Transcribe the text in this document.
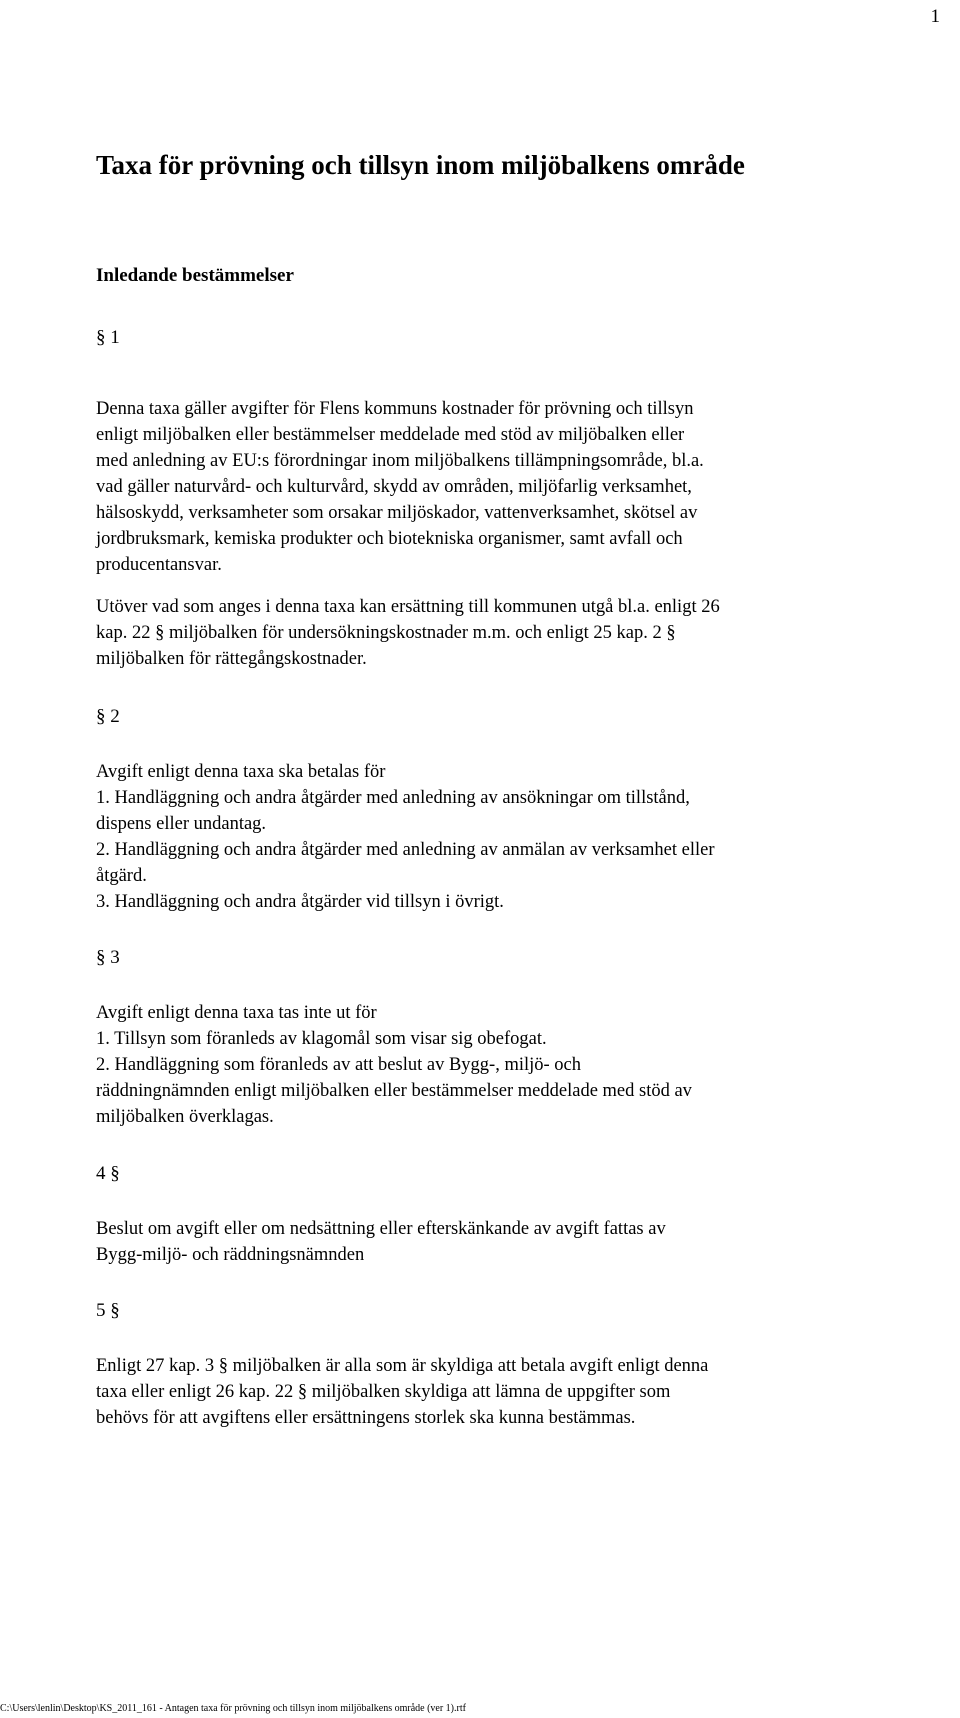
1
Taxa för prövning och tillsyn inom miljöbalkens område
Inledande bestämmelser
§ 1
Denna taxa gäller avgifter för Flens kommuns kostnader för prövning och tillsyn
enligt miljöbalken eller bestämmelser meddelade med stöd av miljöbalken eller
med anledning av EU:s förordningar inom miljöbalkens tillämpningsområde, bl.a.
vad gäller naturvård- och kulturvård, skydd av områden, miljöfarlig verksamhet,
hälsoskydd, verksamheter som orsakar miljöskador, vattenverksamhet, skötsel av
jordbruksmark, kemiska produkter och biotekniska organismer, samt avfall och
producentansvar.
Utöver vad som anges i denna taxa kan ersättning till kommunen utgå bl.a. enligt 26
kap. 22 § miljöbalken för undersökningskostnader m.m. och enligt 25 kap. 2 §
miljöbalken för rättegångskostnader.
§ 2
Avgift enligt denna taxa ska betalas för
1. Handläggning och andra åtgärder med anledning av ansökningar om tillstånd,
dispens eller undantag.
2. Handläggning och andra åtgärder med anledning av anmälan av verksamhet eller
åtgärd.
3. Handläggning och andra åtgärder vid tillsyn i övrigt.
§ 3
Avgift enligt denna taxa tas inte ut för
1. Tillsyn som föranleds av klagomål som visar sig obefogat.
2. Handläggning som föranleds av att beslut av Bygg-, miljö- och
räddningnämnden enligt miljöbalken eller bestämmelser meddelade med stöd av
miljöbalken överklagas.
4 §
Beslut om avgift eller om nedsättning eller efterskänkande av avgift fattas av
Bygg-miljö- och räddningsnämnden
5 §
Enligt 27 kap. 3 § miljöbalken är alla som är skyldiga att betala avgift enligt denna
taxa eller enligt 26 kap. 22 § miljöbalken skyldiga att lämna de uppgifter som
behövs för att avgiftens eller ersättningens storlek ska kunna bestämmas.
C:\Users\lenlin\Desktop\KS_2011_161 - Antagen taxa för prövning och tillsyn inom miljöbalkens område (ver 1).rtf
